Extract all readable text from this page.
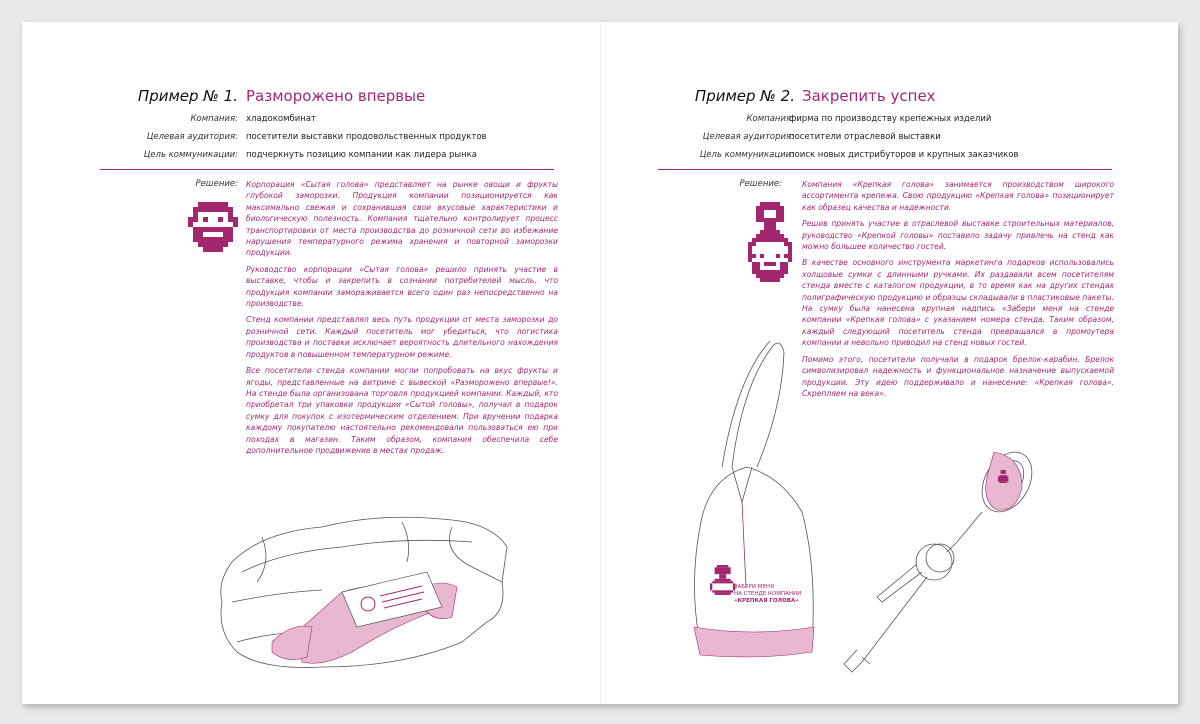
Пример № 1. Разморожено впервые
Компания: хладокомбинат
Целевая аудитория: посетители выставки продовольственных продуктов
Цель коммуникации: подчеркнуть позицию компании как лидера рынка
Решение: Корпорация «Сытая голова» представляет на рынке овощи и фрукты глубокой заморозки. Продукция компании позиционируется как максимально свежая и сохранившая свои вкусовые характеристики и биологическую полезность. Компания тщательно контролирует процесс транспортировки от места производства до розничной сети во избежание нарушения температурного режима хранения и повторной заморозки продукции.

Руководство корпорации «Сытая голова» решило принять участие в выставке, чтобы и закрепить в сознании потребителей мысль, что продукция компании замораживается всего один раз непосредственно на производстве.

Стенд компании представлял весь путь продукции от места заморозки до розничной сети. Каждый посетитель мог убедиться, что логистика производства и поставки исключает вероятность длительного нахождения продуктов в повышенном температурном режиме.

Все посетители стенда компании могли попробовать на вкус фрукты и ягоды, представленные на витрине с вывеской «Разморожено впервые!». На стенде была организована торговля продукцией компании. Каждый, кто приобретал три упаковки продукции «Сытой головы», получал в подарок сумку для покупок с изотермическим отделением. При вручении подарка каждому покупателю настоятельно рекомендовали пользоваться ею при походах в магазин. Таким образом, компания обеспечила себе дополнительное продвижение в местах продаж.

Пример № 2. Закрепить успех
Компания:
фирма по производству крепежных изделий
Целевая аудитория:
посетители отраслевой выставки
Цель коммуникации:
поиск новых дистрибуторов и крупных заказчиков
Решение:	Компания «Крепкая голова» занимается производством широкого ассортимента крепежа. Свою продукцию «Крепкая голова» позиционирует как образец качества и надежности.

Решив принять участие в отраслевой выставке строительных материалов, руководство «Крепкой головы» поставило задачу привлечь на стенд как можно большее количество гостей.

В качестве основного инструмента маркетинга подарков использовались холщовые сумки с длинными ручками. Их раздавали всем посетителям стенда вместе с каталогом продукции, в то время как на других стендах полиграфическую продукцию и образцы складывали в пластиковые пакеты. На сумку была нанесена крупная надпись «Забери меня на стенде компании «Крепкая голова» с указанием номера стенда. Таким образом, каждый следующий посетитель стенда превращался в промоутера компании и невольно приводил на стенд новых гостей.

Помимо этого, посетители получали в подарок брелок-карабин. Брелок символизировал надежность и функциональное назначение выпускаемой продукции. Эту идею поддерживало и нанесение: «Крепкая голова». Скрепляем на века».

ЗАБЕРИ МЕНЯ
НА СТЕНДЕ КОМПАНИИ
«КРЕПКАЯ ГОЛОВА»
